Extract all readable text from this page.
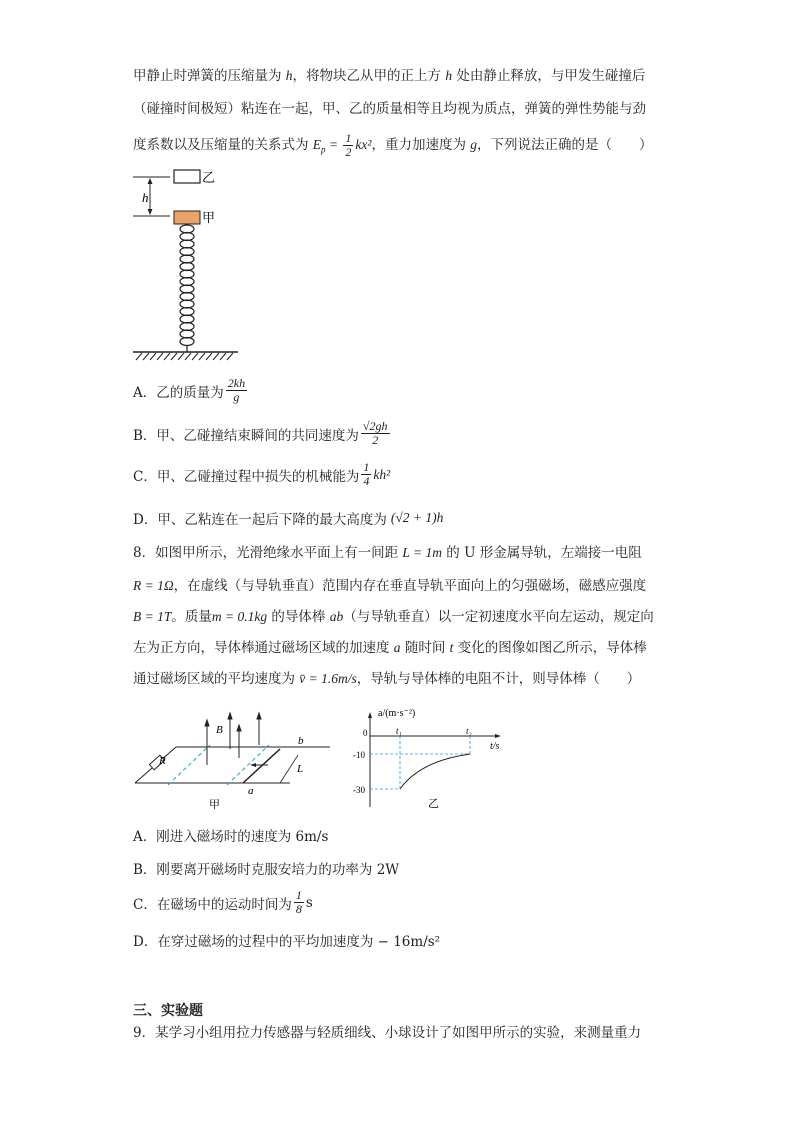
甲静止时弹簧的压缩量为 h，将物块乙从甲的正上方 h 处由静止释放，与甲发生碰撞后
（碰撞时间极短）粘连在一起，甲、乙的质量相等且均视为质点，弹簧的弹性势能与劲
度系数以及压缩量的关系式为 $E_p = \frac{1}{2} kx^2$，重力加速度为 g，下列说法正确的是（　　）
h
乙
甲
A．乙的质量为 $\frac{2kh}{g}$
B．甲、乙碰撞结束瞬间的共同速度为 $\frac{√2gh}{2}$
C．甲、乙碰撞过程中损失的机械能为 $\frac{1}{4} kh^2$
D．甲、乙粘连在一起后下降的最大高度为 (√2 + 1)h
8．如图甲所示，光滑绝缘水平面上有一间距 L = 1m 的 U 形金属导轨，左端接一电阻
R = 1Ω，在虚线（与导轨垂直）范围内存在垂直导轨平面向上的匀强磁场，磁感应强度
B = 1T。质量m = 0.1kg 的导体棒 ab（与导轨垂直）以一定初速度水平向左运动，规定向
左为正方向，导体棒通过磁场区域的加速度 a 随时间 t 变化的图像如图乙所示，导体棒
通过磁场区域的平均速度为 v̄ = 1.6m/s，导轨与导体棒的电阻不计，则导体棒（　　）
R
B
a
b
L
甲
a/(m·s⁻²)
t/s
0	t₁	t₂
-10
-30
乙
A．刚进入磁场时的速度为 6m/s
B．刚要离开磁场时克服安培力的功率为 2W
C．在磁场中的运动时间为 $\frac{1}{8}$ s
D．在穿过磁场的过程中的平均加速度为 − 16m/s²
三、实验题
9．某学习小组用拉力传感器与轻质细线、小球设计了如图甲所示的实验，来测量重力
